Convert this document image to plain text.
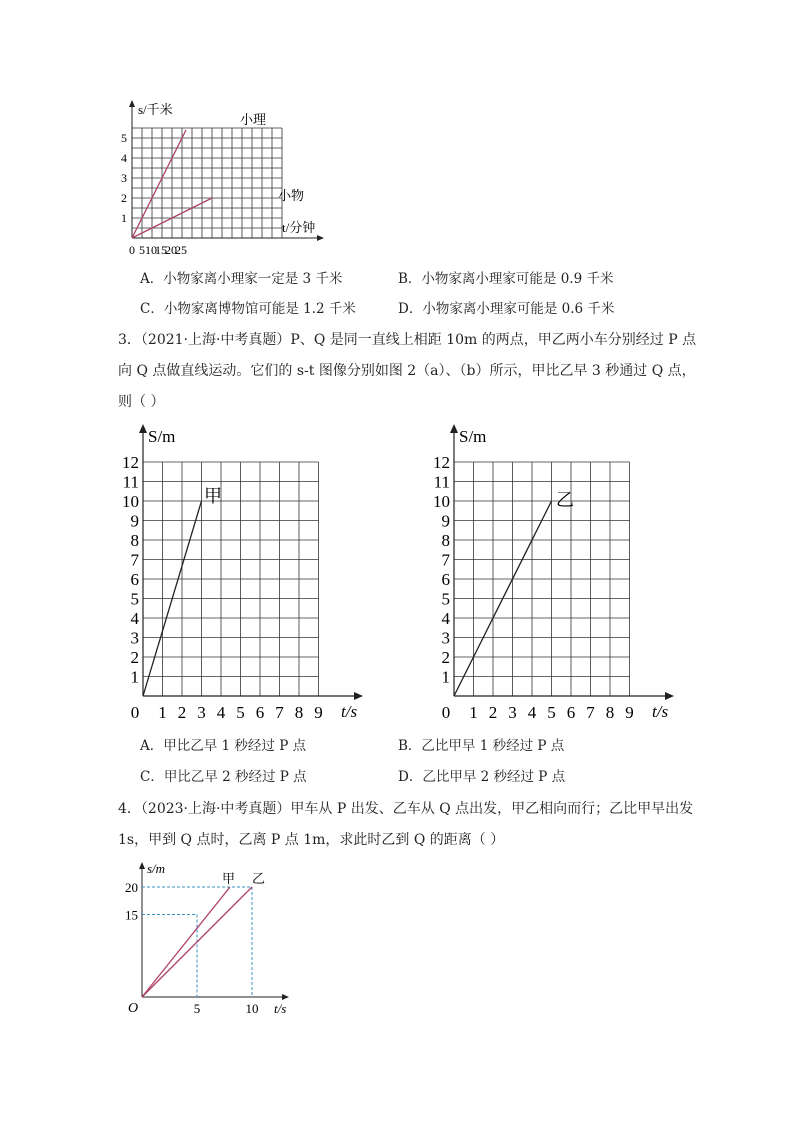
s/千米
t/分钟
1
2
3
4
5
0 5 10
15
20
25
小理
小物
A．小物家离小理家一定是 3 千米	B．小物家离小理家可能是 0.9 千米
C．小物家离博物馆可能是 1.2 千米	D．小物家离小理家可能是 0.6 千米
3．（2021·上海·中考真题）P、Q 是同一直线上相距 10m 的两点，甲乙两小车分别经过 P 点
向 Q 点做直线运动。它们的 s-t 图像分别如图 2（a）、（b）所示，甲比乙早 3 秒通过 Q 点，
则（ ）
S/m
t/s
1
2
3
4
5
6
7
8
9
10
11
12
0 1 2 3 4 5 6 7 8 9
甲
S/m
t/s
1
2
3
4
5
6
7
8
9
10
11
12
0 1 2 3 4 5 6 7 8 9
乙
A．甲比乙早 1 秒经过 P 点	B．乙比甲早 1 秒经过 P 点
C．甲比乙早 2 秒经过 P 点	D．乙比甲早 2 秒经过 P 点
4．（2023·上海·中考真题）甲车从 P 出发、乙车从 Q 点出发，甲乙相向而行；乙比甲早出发
1s，甲到 Q 点时，乙离 P 点 1m，求此时乙到 Q 的距离（ ）
15
20
5	10
s/m
t/s
O
甲 乙
